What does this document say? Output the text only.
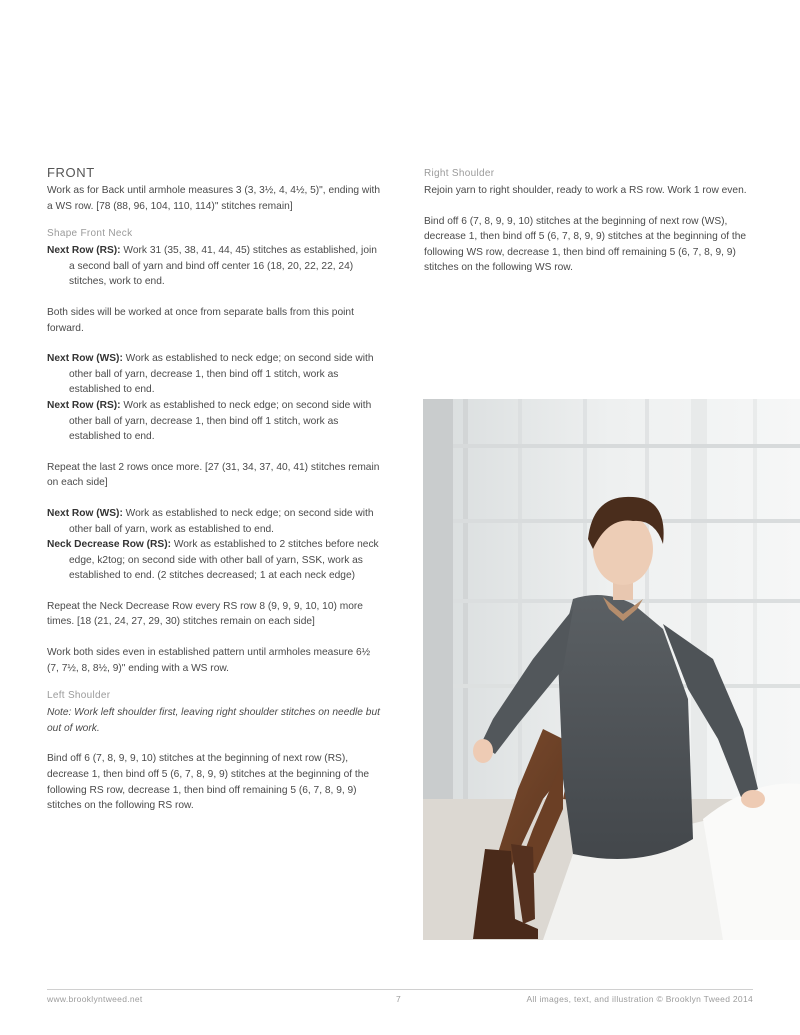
FRONT

Work as for Back until armhole measures 3 (3, 3½, 4, 4½, 5)", ending with a WS row. [78 (88, 96, 104, 110, 114)" stitches remain]

Shape Front Neck

Next Row (RS): Work 31 (35, 38, 41, 44, 45) stitches as established, join a second ball of yarn and bind off center 16 (18, 20, 22, 22, 24) stitches, work to end.

Both sides will be worked at once from separate balls from this point forward.

Next Row (WS): Work as established to neck edge; on second side with other ball of yarn, decrease 1, then bind off 1 stitch, work as established to end.

Next Row (RS): Work as established to neck edge; on second side with other ball of yarn, decrease 1, then bind off 1 stitch, work as established to end.

Repeat the last 2 rows once more. [27 (31, 34, 37, 40, 41) stitches remain on each side]

Next Row (WS): Work as established to neck edge; on second side with other ball of yarn, work as established to end.

Neck Decrease Row (RS): Work as established to 2 stitches before neck edge, k2tog; on second side with other ball of yarn, SSK, work as established to end. (2 stitches decreased; 1 at each neck edge)

Repeat the Neck Decrease Row every RS row 8 (9, 9, 9, 10, 10) more times. [18 (21, 24, 27, 29, 30) stitches remain on each side]

Work both sides even in established pattern until armholes measure 6½ (7, 7½, 8, 8½, 9)" ending with a WS row.

Left Shoulder

Note: Work left shoulder first, leaving right shoulder stitches on needle but out of work.

Bind off 6 (7, 8, 9, 9, 10) stitches at the beginning of next row (RS), decrease 1, then bind off 5 (6, 7, 8, 9, 9) stitches at the beginning of the following RS row, decrease 1, then bind off remaining 5 (6, 7, 8, 9, 9) stitches on the following RS row.

Right Shoulder

Rejoin yarn to right shoulder, ready to work a RS row. Work 1 row even.

Bind off 6 (7, 8, 9, 9, 10) stitches at the beginning of next row (WS), decrease 1, then bind off 5 (6, 7, 8, 9, 9) stitches at the beginning of the following WS row, decrease 1, then bind off remaining 5 (6, 7, 8, 9, 9) stitches on the following WS row.

www.brooklyntweed.net	7	All images, text, and illustration © Brooklyn Tweed 2014
